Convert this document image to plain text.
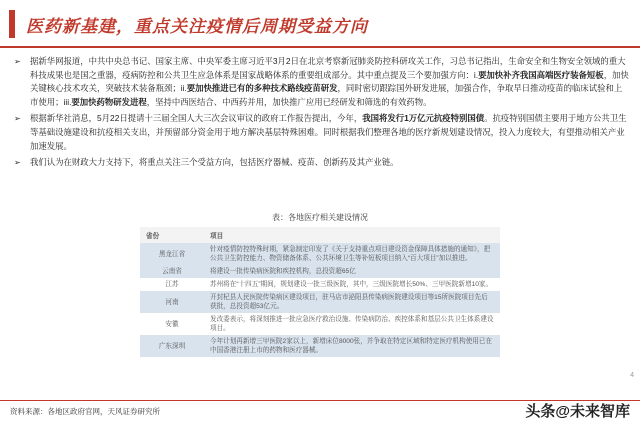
医药新基建，重点关注疫情后周期受益方向
➢ 据新华网报道，中共中央总书记、国家主席、中央军委主席习近平3月2日在北京考察新冠肺炎防控科研攻关工作，习总书记指出，生命安全和生物安全领域的重大科技成果也是国之重器，疫病防控和公共卫生应急体系是国家战略体系的重要组成部分。其中重点提及三个要加强方向：i.要加快补齐我国高端医疗装备短板，加快关键核心技术攻关，突破技术装备瓶颈；ii.要加快推进已有的多种技术路线疫苗研发，同时密切跟踪国外研发进展，加强合作，争取早日推动疫苗的临床试验和上市使用；iii.要加快药物研发进程，坚持中西医结合、中西药并用，加快推广应用已经研发和筛选的有效药物。
➢ 根据新华社消息，5月22日提请十三届全国人大三次会议审议的政府工作报告提出，今年，我国将发行1万亿元抗疫特别国债。抗疫特别国债主要用于地方公共卫生等基础设施建设和抗疫相关支出，并预留部分资金用于地方解决基层特殊困难。同时根据我们整理各地的医疗新规划建设情况，投入力度较大，有望推动相关产业加速发展。
➢ 我们认为在财政大力支持下，将重点关注三个受益方向，包括医疗器械、疫苗、创新药及其产业链。
表：各地医疗相关建设情况
省份	项目
黑龙江省	针对疫情防控特殊时期，紧急制定印发了《关于支持重点项目建设资金保障具体措施的通知》，把公共卫生防控能力、物资储备体系、公共环境卫生等补短板项目纳入“百大项目”加以推进。
云南省	将建设一批传染病医院和疾控机构，总投资超65亿
江苏	苏州将在“十四五”期间，规划建设一批三级医院，其中，三级医院增长50%、三甲医院新增10家。
河南	开封杞县人民医院传染病区建设项目，驻马店市泌阳县传染病医院建设项目等15所医院项目先后获批，总投资超53亿元。
安徽	发改委表示，将深刻推进一批应急医疗救治设施、传染病防治、疾控体系和基层公共卫生体系建设项目。
广东深圳	今年计划再新增三甲医院2家以上，新增床位8000张，并争取在特定区域和特定医疗机构使用已在中国香港注册上市的药物和医疗器械。
4
资料来源：各地区政府官网，天风证券研究所	头条@未来智库
